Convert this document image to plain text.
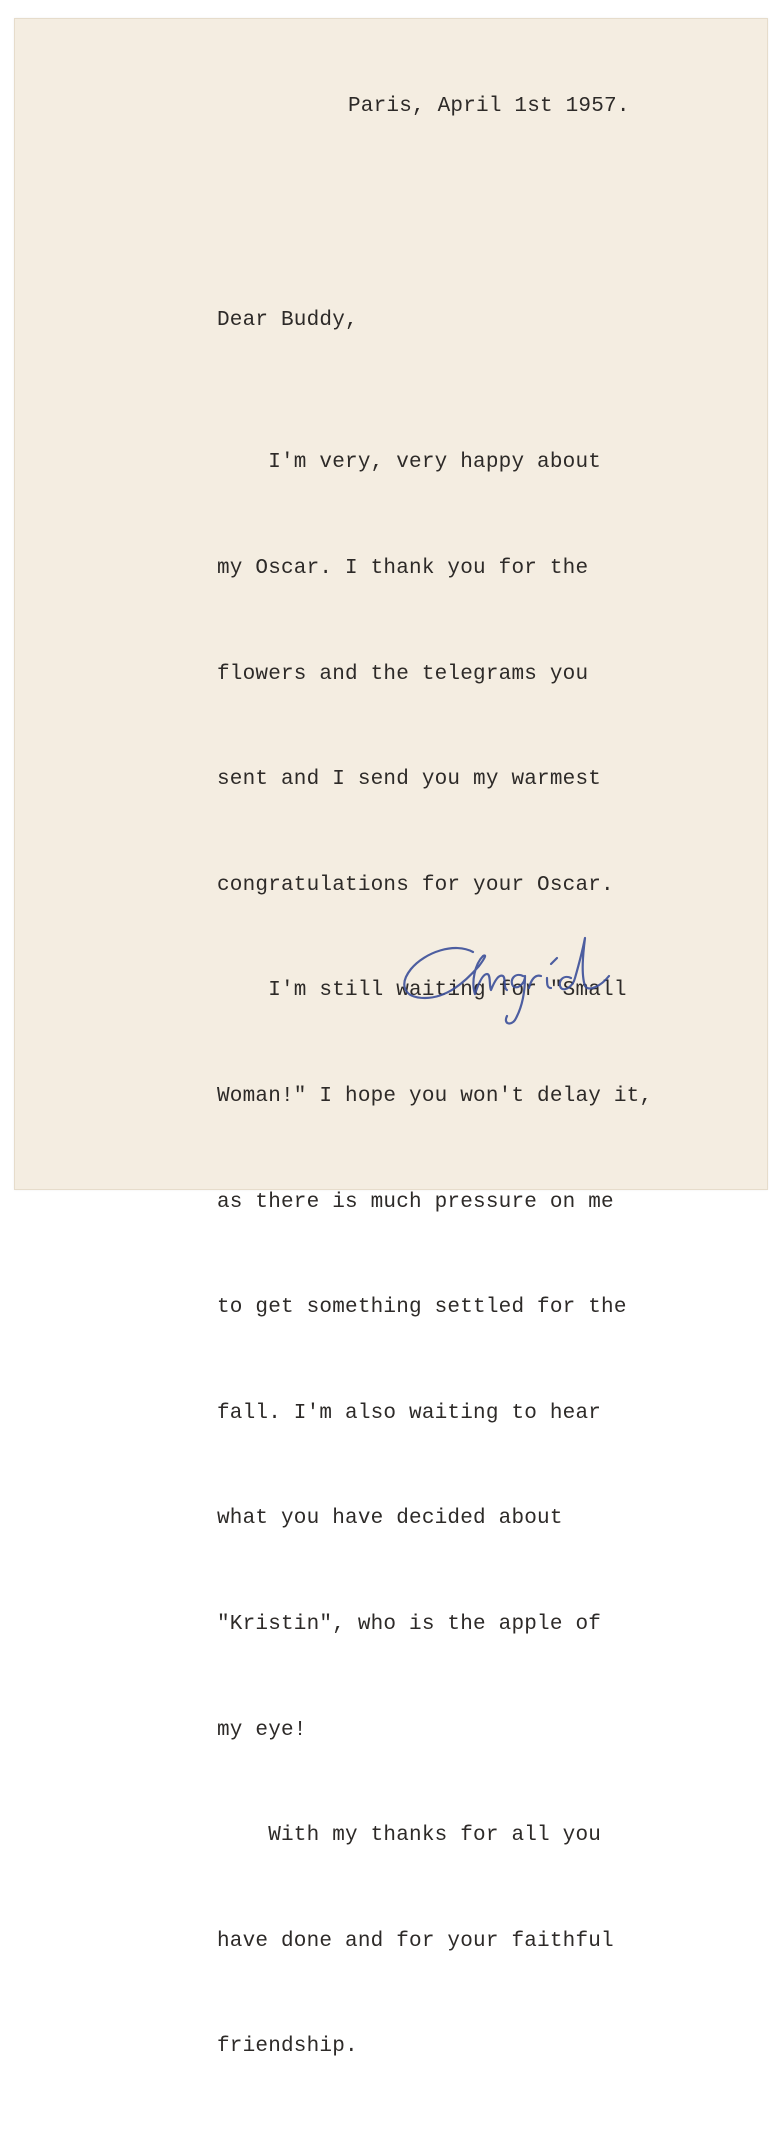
Paris, April 1st 1957.
Dear Buddy,

I'm very, very happy about

my Oscar. I thank you for the

flowers and the telegrams you

sent and I send you my warmest

congratulations for your Oscar.

I'm still waiting for "Small

Woman!" I hope you won't delay it,

as there is much pressure on me

to get something settled for the

fall. I'm also waiting to hear

what you have decided about

"Kristin", who is the apple of

my eye!

With my thanks for all you

have done and for your faithful

friendship.
